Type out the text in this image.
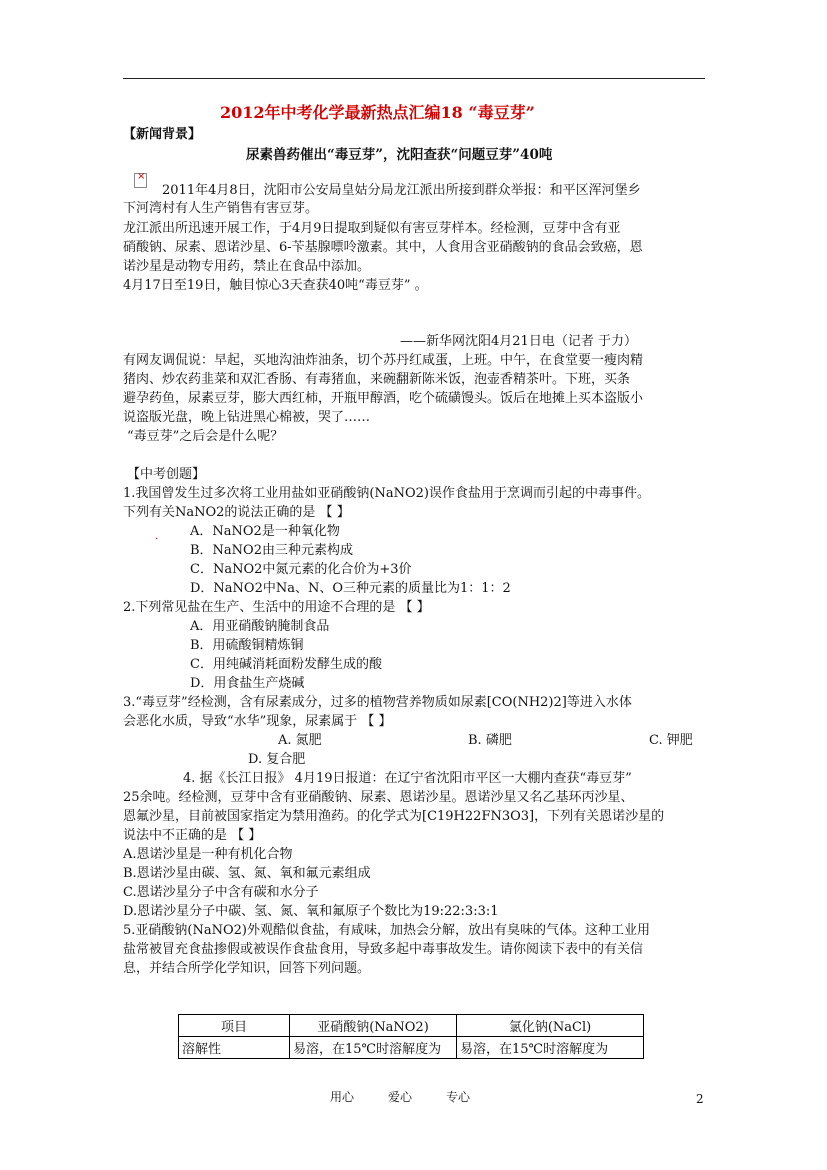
2012年中考化学最新热点汇编18 “毒豆芽”
【新闻背景】
尿素兽药催出“毒豆芽”，沈阳查获“问题豆芽”40吨
×
2011年4月8日，沈阳市公安局皇姑分局龙江派出所接到群众举报：和平区浑河堡乡
下河湾村有人生产销售有害豆芽。
龙江派出所迅速开展工作，于4月9日提取到疑似有害豆芽样本。经检测，豆芽中含有亚
硝酸钠、尿素、恩诺沙星、6-苄基腺嘌呤激素。其中，人食用含亚硝酸钠的食品会致癌，恩
诺沙星是动物专用药，禁止在食品中添加。
4月17日至19日，触目惊心3天查获40吨“毒豆芽” 。
——新华网沈阳4月21日电（记者 于力）
有网友调侃说：早起，买地沟油炸油条，切个苏丹红咸蛋，上班。中午，在食堂要一瘦肉精
猪肉、炒农药韭菜和双汇香肠、有毒猪血，来碗翻新陈米饭，泡壶香精茶叶。下班，买条
避孕药鱼，尿素豆芽，膨大西红柿，开瓶甲醇酒，吃个硫磺馒头。饭后在地摊上买本盗版小
说盗版光盘，晚上钻进黑心棉被，哭了……
“毒豆芽”之后会是什么呢？
【中考创题】
1.我国曾发生过多次将工业用盐如亚硝酸钠(NaNO2)误作食盐用于烹调而引起的中毒事件。
下列有关NaNO2的说法正确的是 【 】
. A．NaNO2是一种氧化物
B．NaNO2由三种元素构成
C．NaNO2中氮元素的化合价为+3价
D．NaNO2中Na、N、O三种元素的质量比为1：1：2
2.下列常见盐在生产、生活中的用途不合理的是 【 】
A．用亚硝酸钠腌制食品
B．用硫酸铜精炼铜
C．用纯碱消耗面粉发酵生成的酸
D．用食盐生产烧碱
3.“毒豆芽”经检测，含有尿素成分，过多的植物营养物质如尿素[CO(NH2)2]等进入水体
会恶化水质，导致“水华”现象，尿素属于 【 】
A. 氮肥	B. 磷肥	C. 钾肥
D. 复合肥
4. 据《长江日报》 4月19日报道：在辽宁省沈阳市平区一大棚内查获“毒豆芽”
25余吨。经检测，豆芽中含有亚硝酸钠、尿素、恩诺沙星。恩诺沙星又名乙基环丙沙星、
恩氟沙星，目前被国家指定为禁用渔药。的化学式为[C19H22FN3O3]，下列有关恩诺沙星的
说法中不正确的是 【 】
A.恩诺沙星是一种有机化合物
B.恩诺沙星由碳、氢、氮、氧和氟元素组成
C.恩诺沙星分子中含有碳和水分子
D.恩诺沙星分子中碳、氢、氮、氧和氟原子个数比为19:22:3:3:1
5.亚硝酸钠(NaNO2)外观酷似食盐，有咸味，加热会分解，放出有臭味的气体。这种工业用
盐常被冒充食盐掺假或被误作食盐食用，导致多起中毒事故发生。请你阅读下表中的有关信
息，并结合所学化学知识，回答下列问题。
项目	亚硝酸钠(NaNO2)	氯化钠(NaCl)
溶解性	易溶，在15℃时溶解度为	易溶，在15℃时溶解度为
用心	爱心	专心	2
